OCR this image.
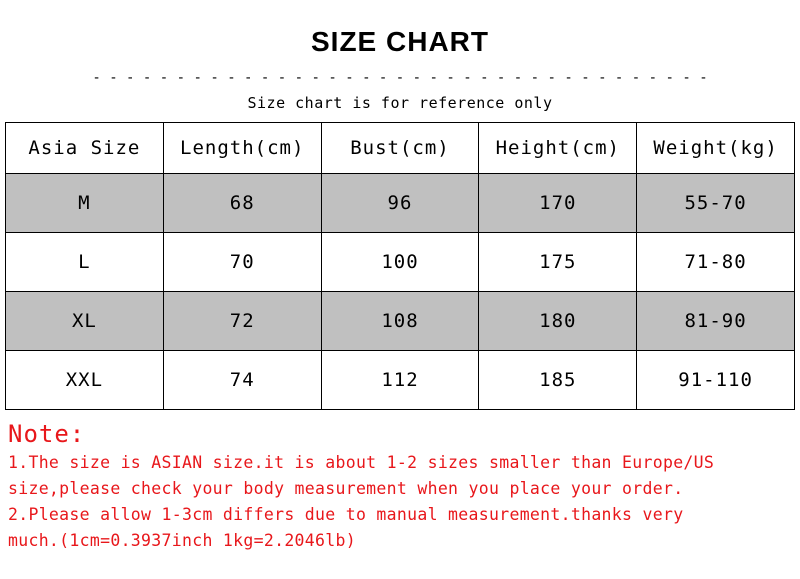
SIZE CHART
- - - - - - - - - - - - - - - - - - - - - - - - - - - - - - - - - - - - -
Size chart is for reference only
Asia Size	Length(cm)	Bust(cm)	Height(cm)	Weight(kg)
M	68	96	170	55-70
L	70	100	175	71-80
XL	72	108	180	81-90
XXL	74	112	185	91-110
Note:
1.The size is ASIAN size.it is about 1-2 sizes smaller than Europe/US
size,please check your body measurement when you place your order.
2.Please allow 1-3cm differs due to manual measurement.thanks very
much.(1cm=0.3937inch 1kg=2.2046lb)
